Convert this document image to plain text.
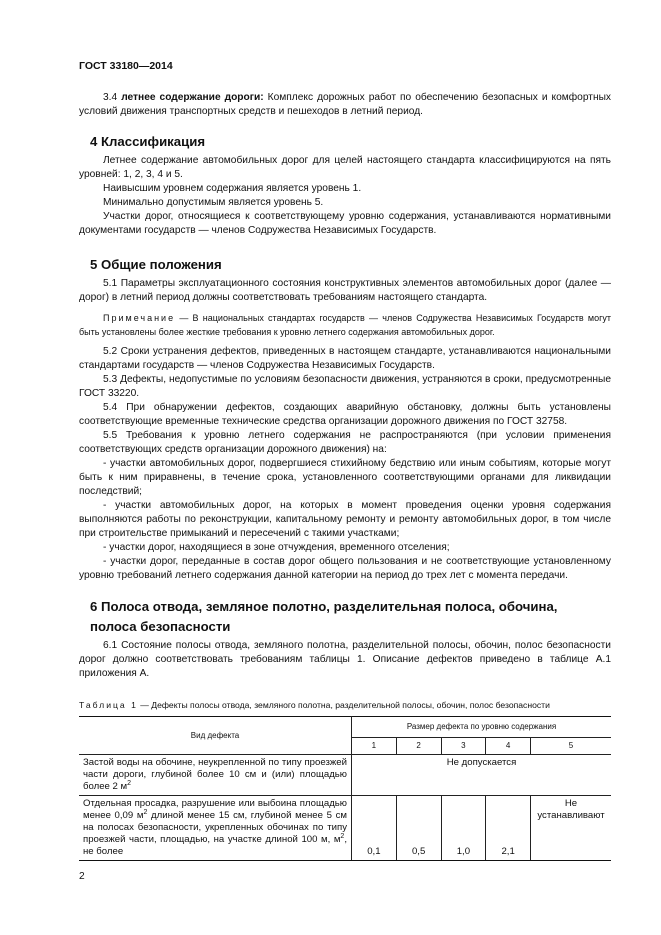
ГОСТ 33180—2014

3.4 летнее содержание дороги: Комплекс дорожных работ по обеспечению безопасных и комфортных условий движения транспортных средств и пешеходов в летний период.

4 Классификация

Летнее содержание автомобильных дорог для целей настоящего стандарта классифицируются на пять уровней: 1, 2, 3, 4 и 5.

Наивысшим уровнем содержания является уровень 1.

Минимально допустимым является уровень 5.

Участки дорог, относящиеся к соответствующему уровню содержания, устанавливаются нормативными документами государств — членов Содружества Независимых Государств.

5 Общие положения

5.1 Параметры эксплуатационного состояния конструктивных элементов автомобильных дорог (далее — дорог) в летний период должны соответствовать требованиям настоящего стандарта.

Примечание — В национальных стандартах государств — членов Содружества Независимых Государств могут быть установлены более жесткие требования к уровню летнего содержания автомобильных дорог.

5.2 Сроки устранения дефектов, приведенных в настоящем стандарте, устанавливаются национальными стандартами государств — членов Содружества Независимых Государств.

5.3 Дефекты, недопустимые по условиям безопасности движения, устраняются в сроки, предусмотренные ГОСТ 33220.

5.4 При обнаружении дефектов, создающих аварийную обстановку, должны быть установлены соответствующие временные технические средства организации дорожного движения по ГОСТ 32758.

5.5 Требования к уровню летнего содержания не распространяются (при условии применения соответствующих средств организации дорожного движения) на:

- участки автомобильных дорог, подвергшиеся стихийному бедствию или иным событиям, которые могут быть к ним приравнены, в течение срока, установленного соответствующими органами для ликвидации последствий;

- участки автомобильных дорог, на которых в момент проведения оценки уровня содержания выполняются работы по реконструкции, капитальному ремонту и ремонту автомобильных дорог, в том числе при строительстве примыканий и пересечений с такими участками;

- участки дорог, находящиеся в зоне отчуждения, временного отселения;

- участки дорог, переданные в состав дорог общего пользования и не соответствующие установленному уровню требований летнего содержания данной категории на период до трех лет с момента передачи.

6 Полоса отвода, земляное полотно, разделительная полоса, обочина, полоса безопасности

6.1 Состояние полосы отвода, земляного полотна, разделительной полосы, обочин, полос безопасности дорог должно соответствовать требованиям таблицы 1. Описание дефектов приведено в таблице А.1 приложения А.

Таблица 1 — Дефекты полосы отвода, земляного полотна, разделительной полосы, обочин, полос безопасности
Вид дефекта	Размер дефекта по уровню содержания				
	1	2	3	4	5
Застой воды на обочине, неукрепленной по типу проезжей части дороги, глубиной более 10 см и (или) площадью более 2 $м^2$	Не допускается				
Отдельная просадка, разрушение или выбоина площадью менее 0,09 $м^2$ длиной менее 15 см, глубиной менее 5 см на полосах безопасности, укрепленных обочинах по типу проезжей части, площадью, на участке длиной 100 м, $м^2$, не более	0,1	0,5	1,0	2,1	Не устанавливают
2
